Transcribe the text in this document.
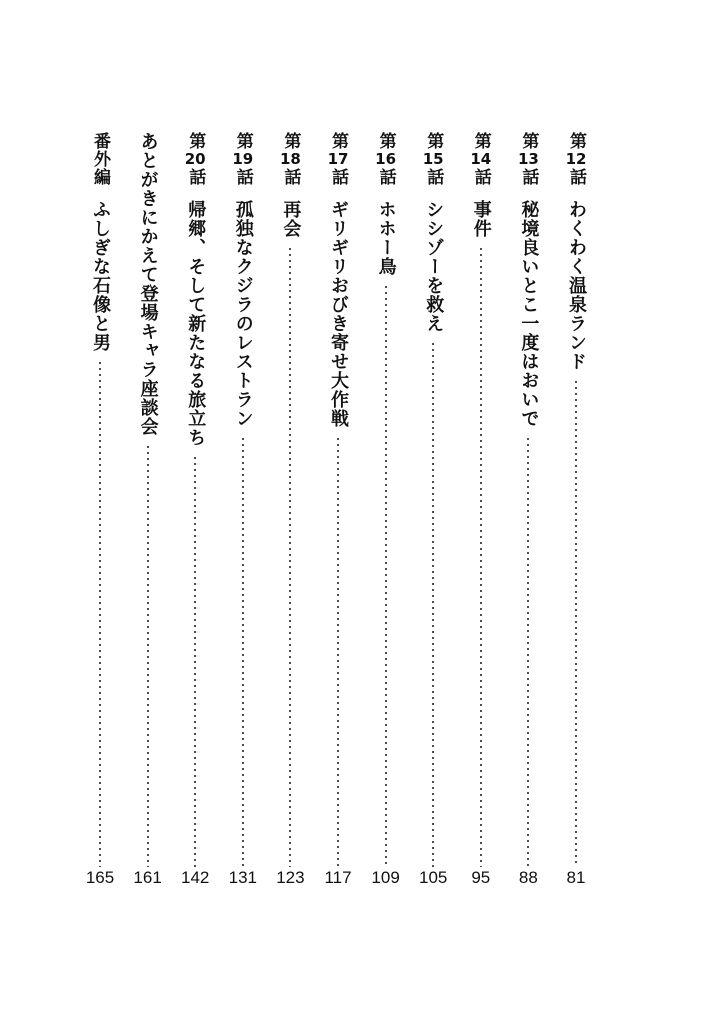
第12話
わくわく温泉ランド
81
第13話
秘境良いとこ一度はおいで
88
第14話
事件
95
第15話
シシゾーを救え
105
第16話
ホホー鳥
109
第17話
ギリギリおびき寄せ大作戦
117
第18話
再会
123
第19話
孤独なクジラのレストラン
131
第20話
帰郷、そして新たなる旅立ち
142
あとがきにかえて登場キャラ座談会
161
番外編
ふしぎな石像と男
165
